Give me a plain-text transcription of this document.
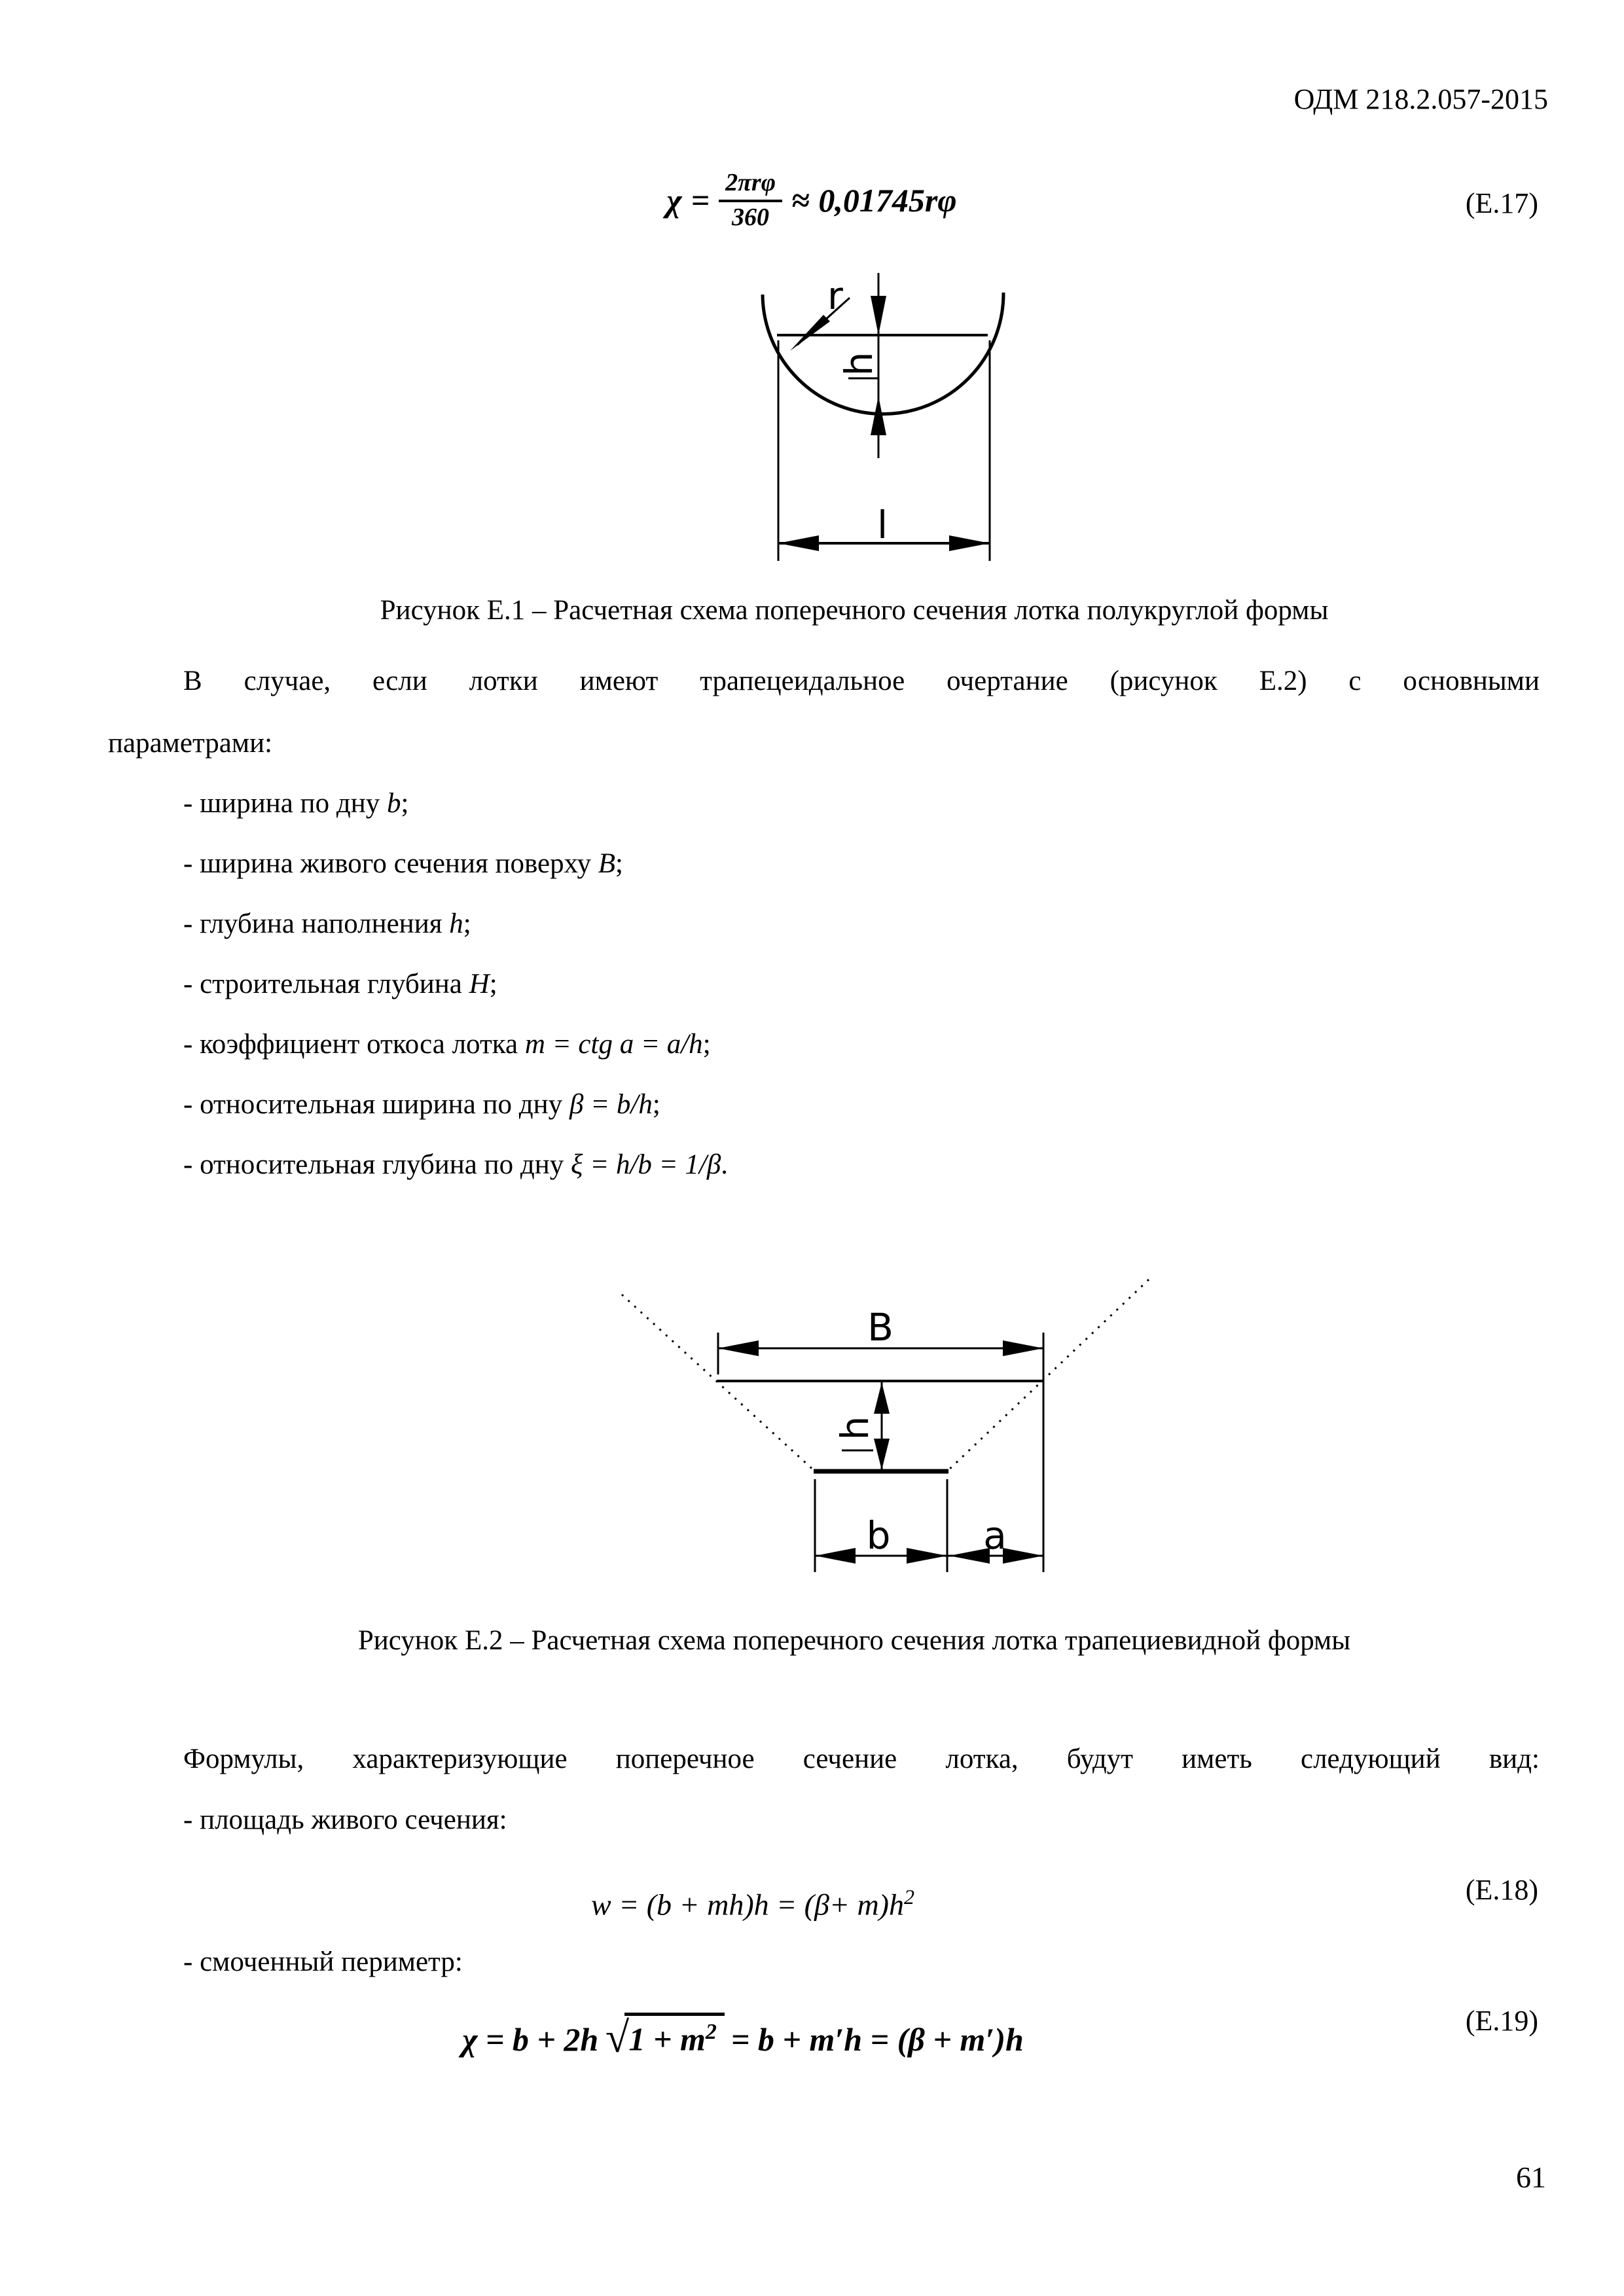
ОДМ 218.2.057-2015
$\chi = \frac{\text{2πrφ}}{360} \approx 0,01745r\varphi$	(Е.17)
h
r
l
Рисунок Е.1 – Расчетная схема поперечного сечения лотка полукруглой формы
В случае, если лотки имеют трапецеидальное очертание (рисунок Е.2) с основными
параметрами:
- ширина по дну b;
- ширина живого сечения поверху B;
- глубина наполнения h;
- строительная глубина H;
- коэффициент откоса лотка m = ctg a = a/h;
- относительная ширина по дну β = b/h;
- относительная глубина по дну ξ = h/b = 1/β.
B
h
b a
Рисунок Е.2 – Расчетная схема поперечного сечения лотка трапециевидной формы
Формулы, характеризующие поперечное сечение лотка, будут иметь следующий вид:
- площадь живого сечения:
$w = (b + mh)h = (\beta+ m)h^2$	(Е.18)
- смоченный периметр:
χ = b + 2h √ $1 + m^2 = b + m'h = (\beta + m')h$
(Е.19)
61
